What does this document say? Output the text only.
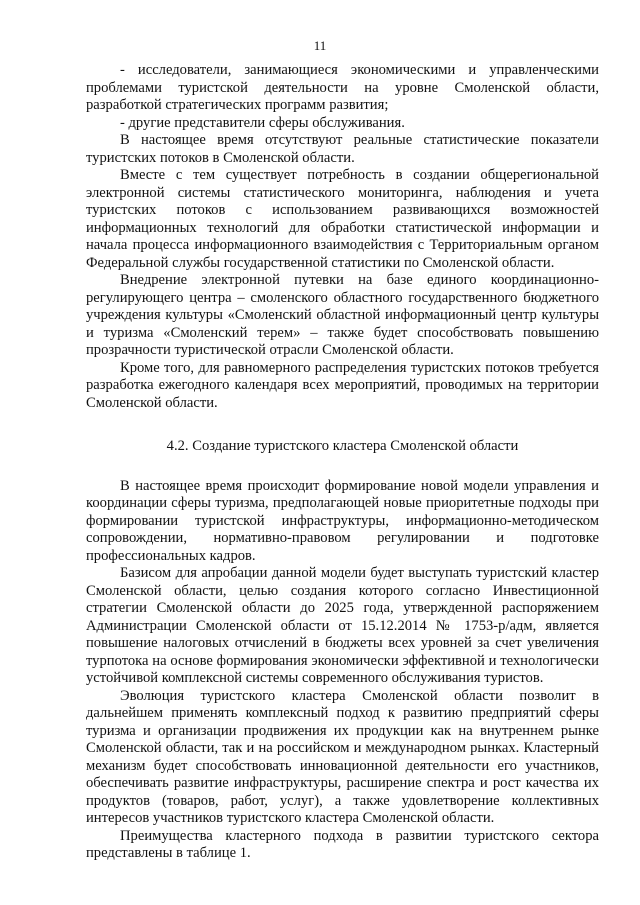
11

- исследователи, занимающиеся экономическими и управленческими проблемами туристской деятельности на уровне Смоленской области, разработкой стратегических программ развития;

- другие представители сферы обслуживания.

В настоящее время отсутствуют реальные статистические показатели туристских потоков в Смоленской области.

Вместе с тем существует потребность в создании общерегиональной электронной системы статистического мониторинга, наблюдения и учета туристских потоков с использованием развивающихся возможностей информационных технологий для обработки статистической информации и начала процесса информационного взаимодействия с Территориальным органом Федеральной службы государственной статистики по Смоленской области.

Внедрение электронной путевки на базе единого координационно-регулирующего центра – смоленского областного государственного бюджетного учреждения культуры «Смоленский областной информационный центр культуры и туризма «Смоленский терем» – также будет способствовать повышению прозрачности туристической отрасли Смоленской области.

Кроме того, для равномерного распределения туристских потоков требуется разработка ежегодного календаря всех мероприятий, проводимых на территории Смоленской области.

4.2. Создание туристского кластера Смоленской области

В настоящее время происходит формирование новой модели управления и координации сферы туризма, предполагающей новые приоритетные подходы при формировании туристской инфраструктуры, информационно-методическом сопровождении, нормативно-правовом регулировании и подготовке профессиональных кадров.

Базисом для апробации данной модели будет выступать туристский кластер Смоленской области, целью создания которого согласно Инвестиционной стратегии Смоленской области до 2025 года, утвержденной распоряжением Администрации Смоленской области от 15.12.2014 № 1753-р/адм, является повышение налоговых отчислений в бюджеты всех уровней за счет увеличения турпотока на основе формирования экономически эффективной и технологически устойчивой комплексной системы современного обслуживания туристов.

Эволюция туристского кластера Смоленской области позволит в дальнейшем применять комплексный подход к развитию предприятий сферы туризма и организации продвижения их продукции как на внутреннем рынке Смоленской области, так и на российском и международном рынках. Кластерный механизм будет способствовать инновационной деятельности его участников, обеспечивать развитие инфраструктуры, расширение спектра и рост качества их продуктов (товаров, работ, услуг), а также удовлетворение коллективных интересов участников туристского кластера Смоленской области.

Преимущества кластерного подхода в развитии туристского сектора представлены в таблице 1.
